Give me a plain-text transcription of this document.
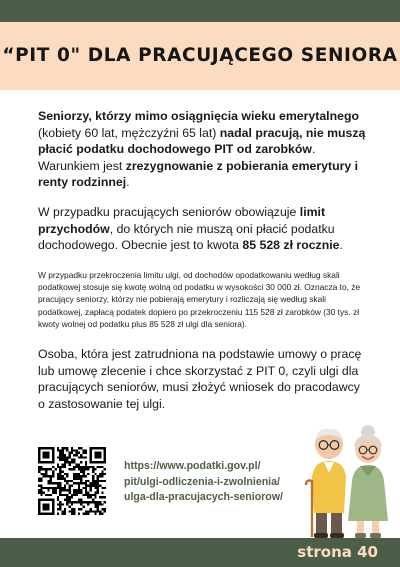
“PIT 0" DLA PRACUJĄCEGO SENIORA

Seniorzy, którzy mimo osiągnięcia wieku emerytalnego (kobiety 60 lat, mężczyźni 65 lat) nadal pracują, nie muszą płacić podatku dochodowego PIT od zarobków. Warunkiem jest zrezygnowanie z pobierania emerytury i renty rodzinnej.

W przypadku pracujących seniorów obowiązuje limit przychodów, do których nie muszą oni płacić podatku dochodowego. Obecnie jest to kwota 85 528 zł rocznie.

W przypadku przekroczenia limitu ulgi, od dochodów opodatkowaniu według skali podatkowej stosuje się kwotę wolną od podatku w wysokości 30 000 zł. Oznacza to, że pracujący seniorzy, którzy nie pobierają emerytury i rozliczają się według skali podatkowej, zapłacą podatek dopiero po przekroczeniu 115 528 zł zarobków (30 tys. zł kwoty wolnej od podatku plus 85 528 zł ulgi dla seniora).

Osoba, która jest zatrudniona na podstawie umowy o pracę lub umowę zlecenie i chce skorzystać z PIT 0, czyli ulgi dla pracujących seniorów, musi złożyć wniosek do pracodawcy o zastosowanie tej ulgi.

https://www.podatki.gov.pl/
pit/ulgi-odliczenia-i-zwolnienia/
ulga-dla-pracujacych-seniorow/
strona 40
